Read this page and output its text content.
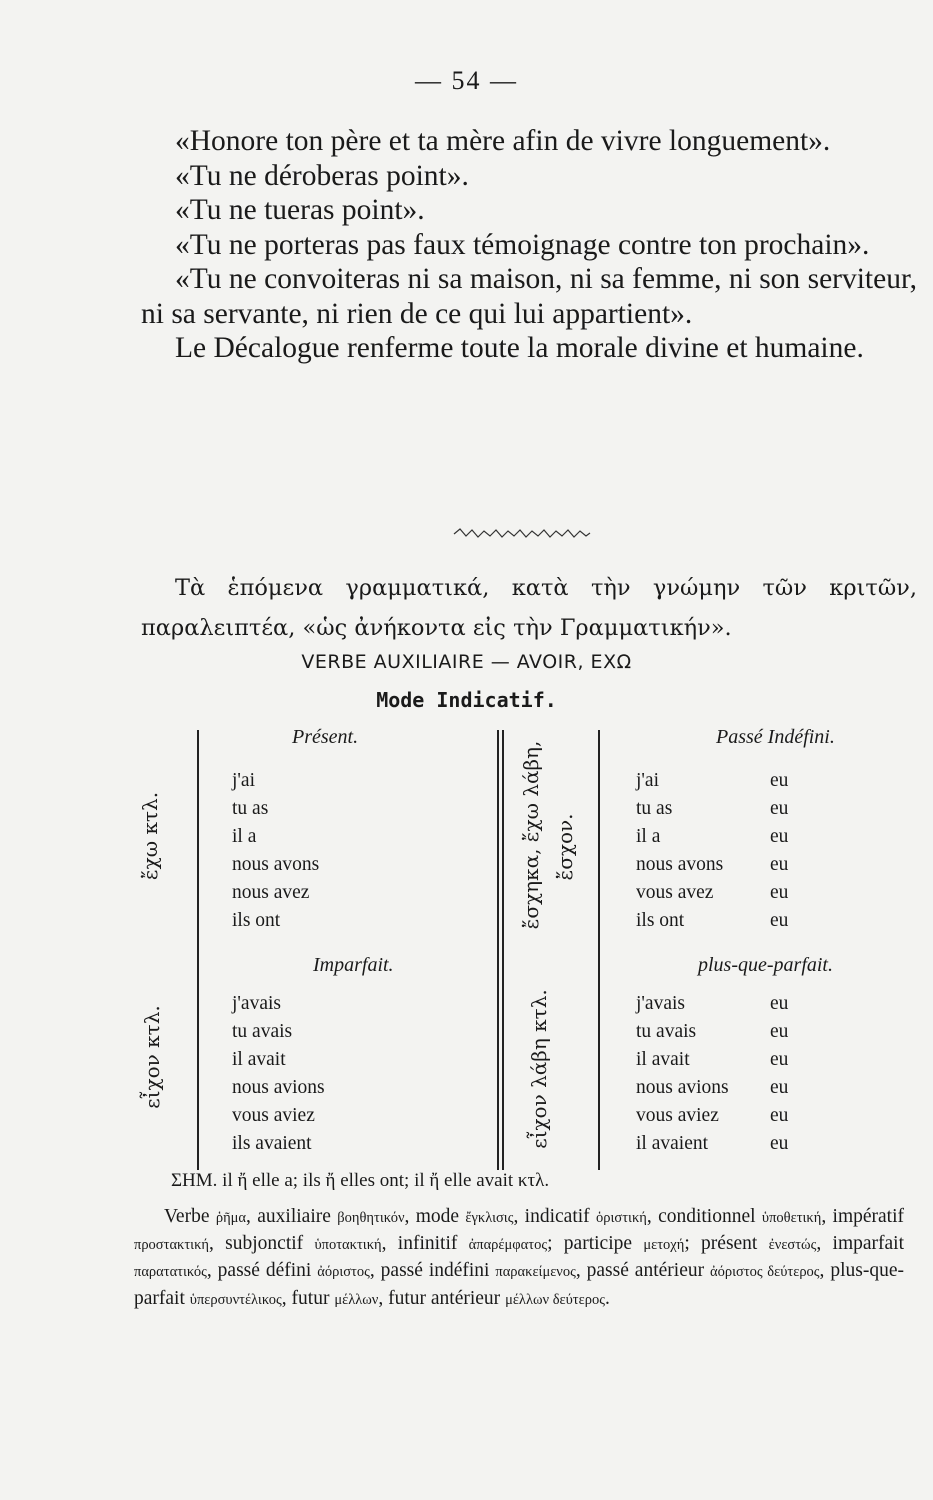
— 54 —

«Honore ton père et ta mère afin de vivre longuement».

«Tu ne déroberas point».

«Tu ne tueras point».

«Tu ne porteras pas faux témoignage contre ton prochain».

«Tu ne convoiteras ni sa maison, ni sa femme, ni son serviteur, ni sa servante, ni rien de ce qui lui appartient».

Le Décalogue renferme toute la morale divine et humaine.

Τὰ ἑπόμενα γραμματικά, κατὰ τὴν γνώμην τῶν κριτῶν, παραλειπτέα, «ὡς ἀνήκοντα εἰς τὴν Γραμματικήν».

VERBE AUXILIAIRE — AVOIR, ΕΧΩ
Mode Indicatif.
ἔχω κτλ.
εἶχον κτλ.
ἔσχηκα, ἔχω λάβη, ἔσχον.
εἶχον λάβη κτλ.
Présent.
j'ai
tu as
il a
nous avons
nous avez
ils ont
Imparfait.
j'avais
tu avais
il avait
nous avions
vous aviez
ils avaient
Passé Indéfini.
j'ai
tu as
il a
nous avons
vous avez
ils ont
eu
eu
eu
eu
eu
eu
plus-que-parfait.
j'avais
tu avais
il avait
nous avions
vous aviez
il avaient
eu
eu
eu
eu
eu
eu
ΣΗΜ. il ἤ elle a; ils ἤ elles ont; il ἤ elle avait κτλ.

Verbe ῥῆμα, auxiliaire βοηθητικόν, mode ἔγκλισις, indicatif ὁριστική, conditionnel ὑποθετική, impératif προστακτική, subjonctif ὑποτακτική, infinitif ἀπαρέμφατος; participe μετοχή; présent ἐνεστώς, imparfait παρατατικός, passé défini ἀόριστος, passé indéfini παρακείμενος, passé antérieur ἀόριστος δεύτερος, plus-que-parfait ὑπερσυντέλικος, futur μέλλων, futur antérieur μέλλων δεύτερος.
